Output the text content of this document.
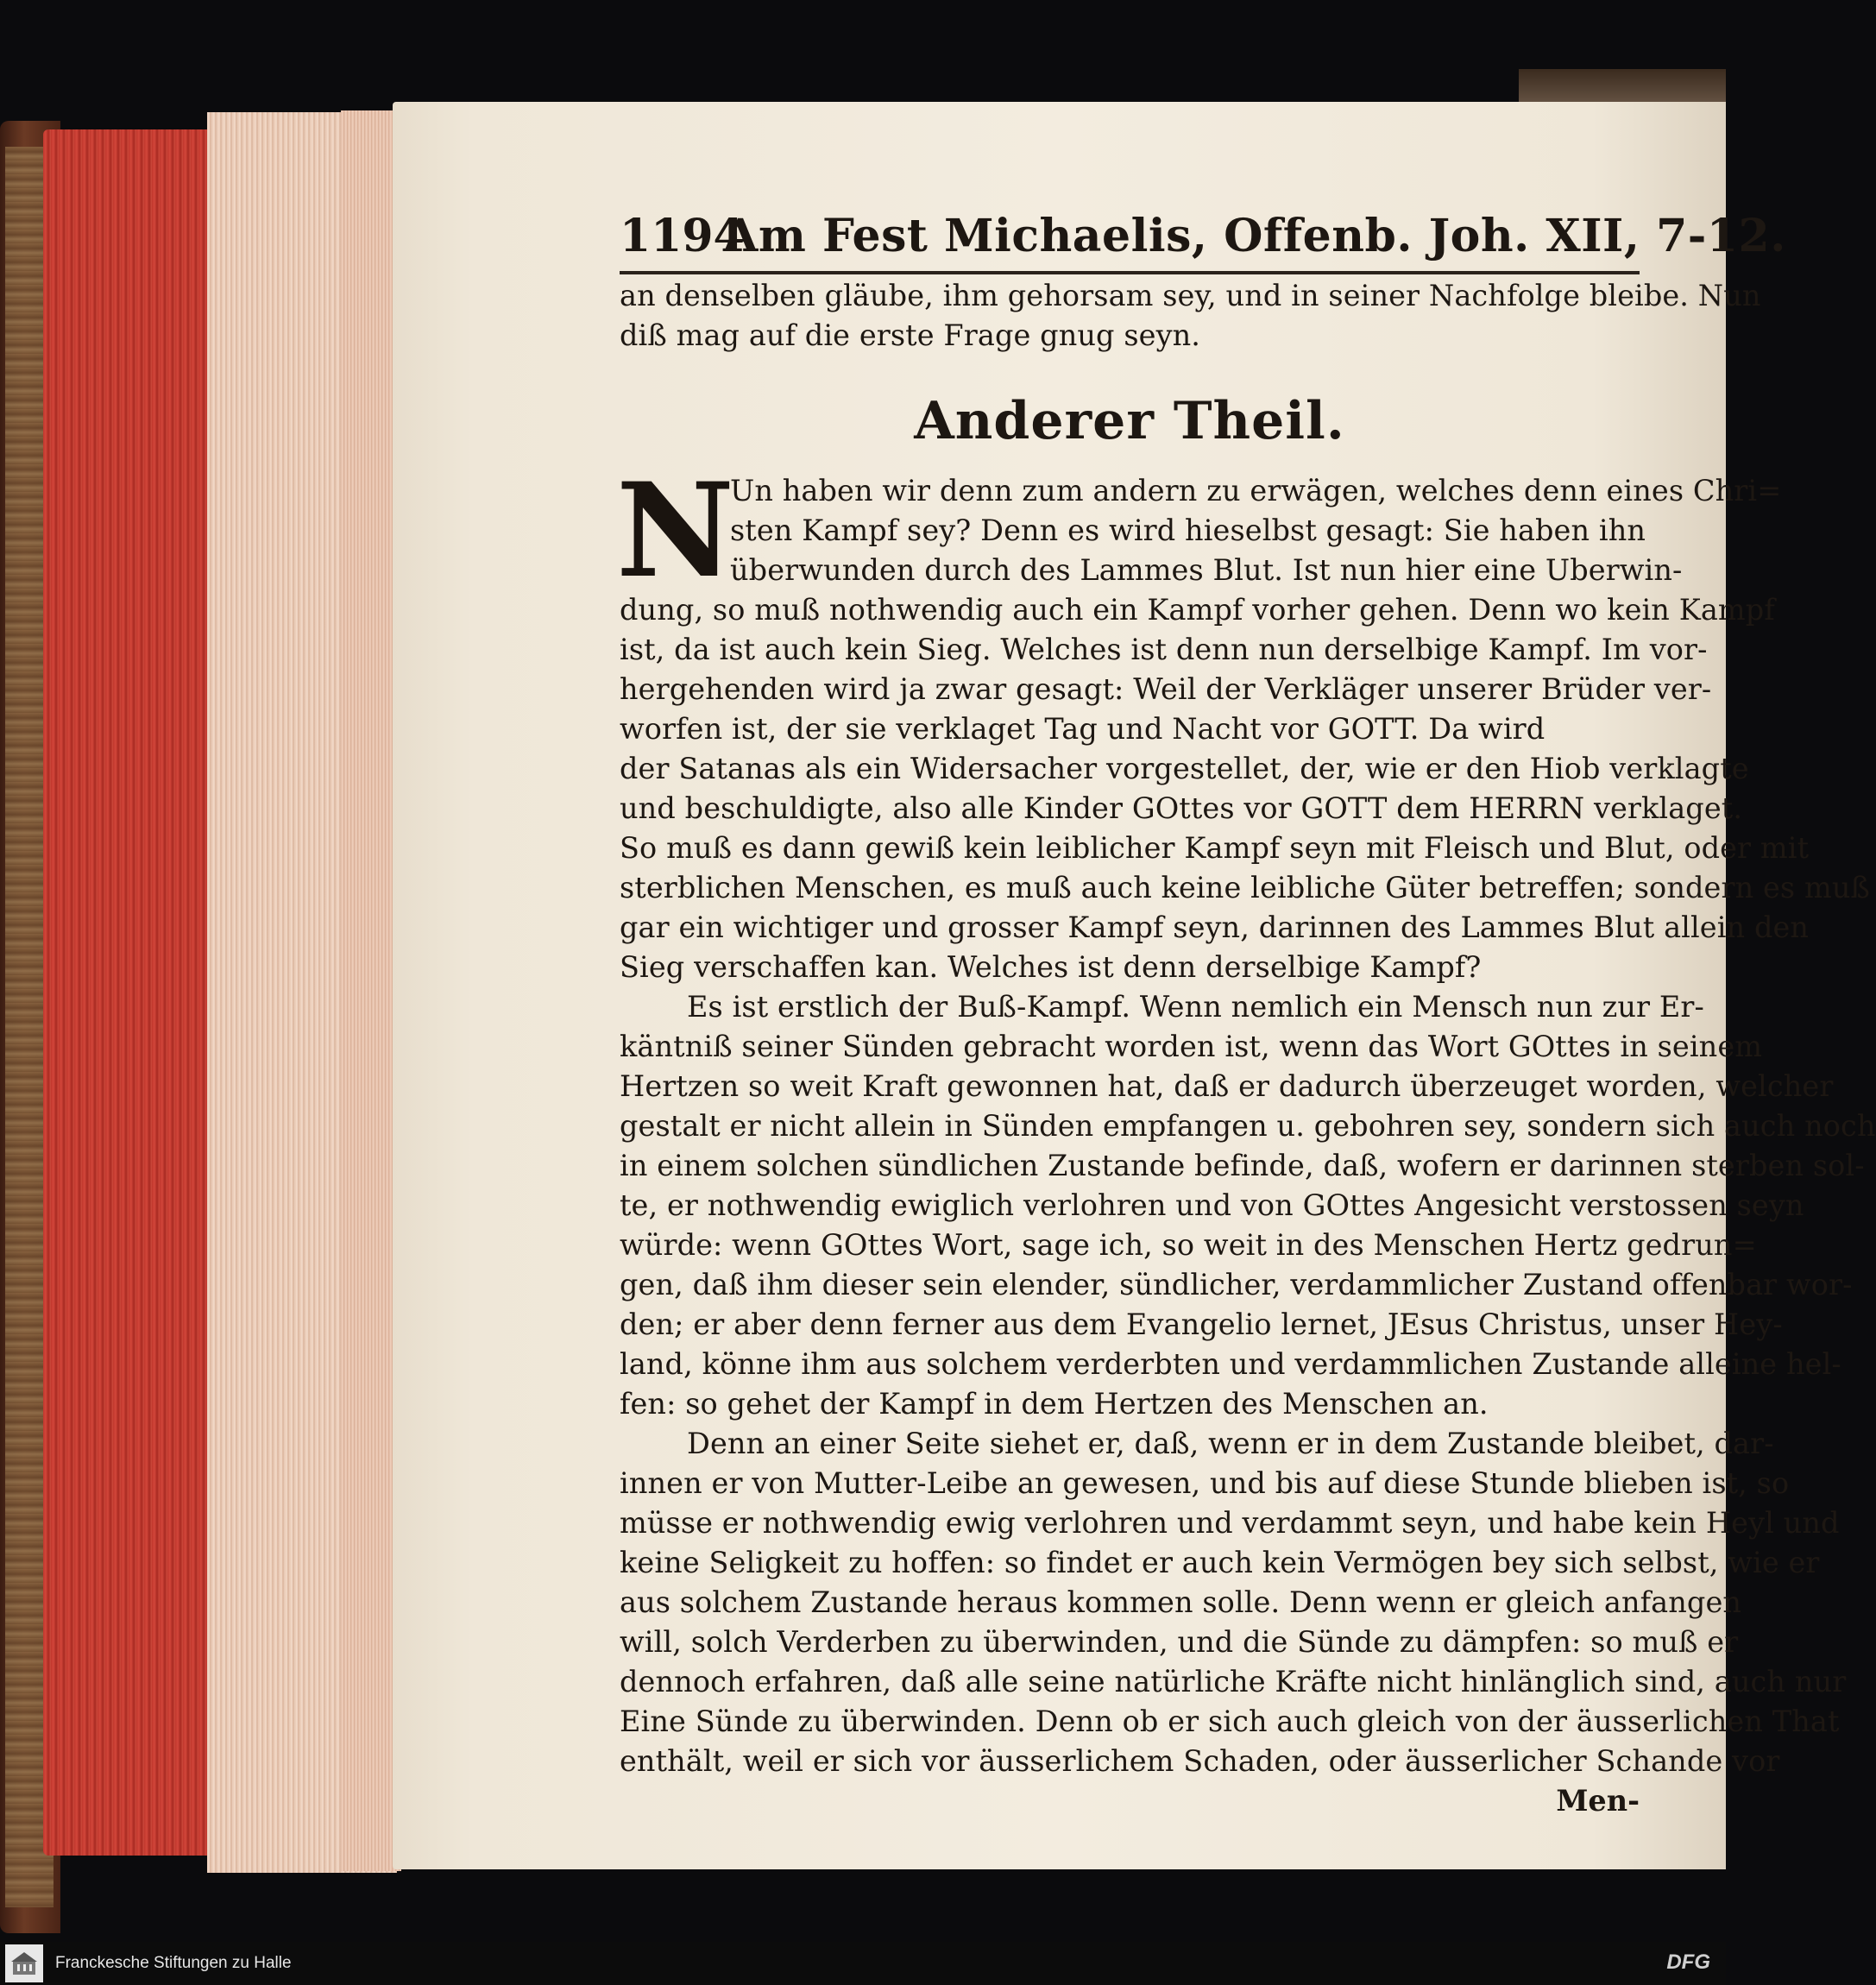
1194
Am Fest Michaelis, Offenb. Joh. XII, 7-12.
an denselben gläube, ihm gehorsam sey, und in seiner Nachfolge bleibe. Nun
diß mag auf die erste Frage gnug seyn.
Anderer Theil.
N
Un haben wir denn zum andern zu erwägen, welches denn eines Chri=
sten Kampf sey? Denn es wird hieselbst gesagt: Sie haben ihn
überwunden durch des Lammes Blut. Ist nun hier eine Uberwin-
dung, so muß nothwendig auch ein Kampf vorher gehen. Denn wo kein Kampf
ist, da ist auch kein Sieg. Welches ist denn nun derselbige Kampf. Im vor-
hergehenden wird ja zwar gesagt: Weil der Verkläger unserer Brüder ver-
worfen ist, der sie verklaget Tag und Nacht vor GOTT. Da wird
der Satanas als ein Widersacher vorgestellet, der, wie er den Hiob verklagte
und beschuldigte, also alle Kinder GOttes vor GOTT dem HERRN verklaget.
So muß es dann gewiß kein leiblicher Kampf seyn mit Fleisch und Blut, oder mit
sterblichen Menschen, es muß auch keine leibliche Güter betreffen; sondern es muß
gar ein wichtiger und grosser Kampf seyn, darinnen des Lammes Blut allein den
Sieg verschaffen kan. Welches ist denn derselbige Kampf?
Es ist erstlich der Buß-Kampf. Wenn nemlich ein Mensch nun zur Er-
käntniß seiner Sünden gebracht worden ist, wenn das Wort GOttes in seinem
Hertzen so weit Kraft gewonnen hat, daß er dadurch überzeuget worden, welcher
gestalt er nicht allein in Sünden empfangen u. gebohren sey, sondern sich auch noch
in einem solchen sündlichen Zustande befinde, daß, wofern er darinnen sterben sol-
te, er nothwendig ewiglich verlohren und von GOttes Angesicht verstossen seyn
würde: wenn GOttes Wort, sage ich, so weit in des Menschen Hertz gedrun=
gen, daß ihm dieser sein elender, sündlicher, verdammlicher Zustand offenbar wor-
den; er aber denn ferner aus dem Evangelio lernet, JEsus Christus, unser Hey-
land, könne ihm aus solchem verderbten und verdammlichen Zustande alleine hel-
fen: so gehet der Kampf in dem Hertzen des Menschen an.
Denn an einer Seite siehet er, daß, wenn er in dem Zustande bleibet, dar-
innen er von Mutter-Leibe an gewesen, und bis auf diese Stunde blieben ist, so
müsse er nothwendig ewig verlohren und verdammt seyn, und habe kein Heyl und
keine Seligkeit zu hoffen: so findet er auch kein Vermögen bey sich selbst, wie er
aus solchem Zustande heraus kommen solle. Denn wenn er gleich anfangen
will, solch Verderben zu überwinden, und die Sünde zu dämpfen: so muß er
dennoch erfahren, daß alle seine natürliche Kräfte nicht hinlänglich sind, auch nur
Eine Sünde zu überwinden. Denn ob er sich auch gleich von der äusserlichen That
enthält, weil er sich vor äusserlichem Schaden, oder äusserlicher Schande vor
Men-
Franckesche Stiftungen zu Halle	DFG
